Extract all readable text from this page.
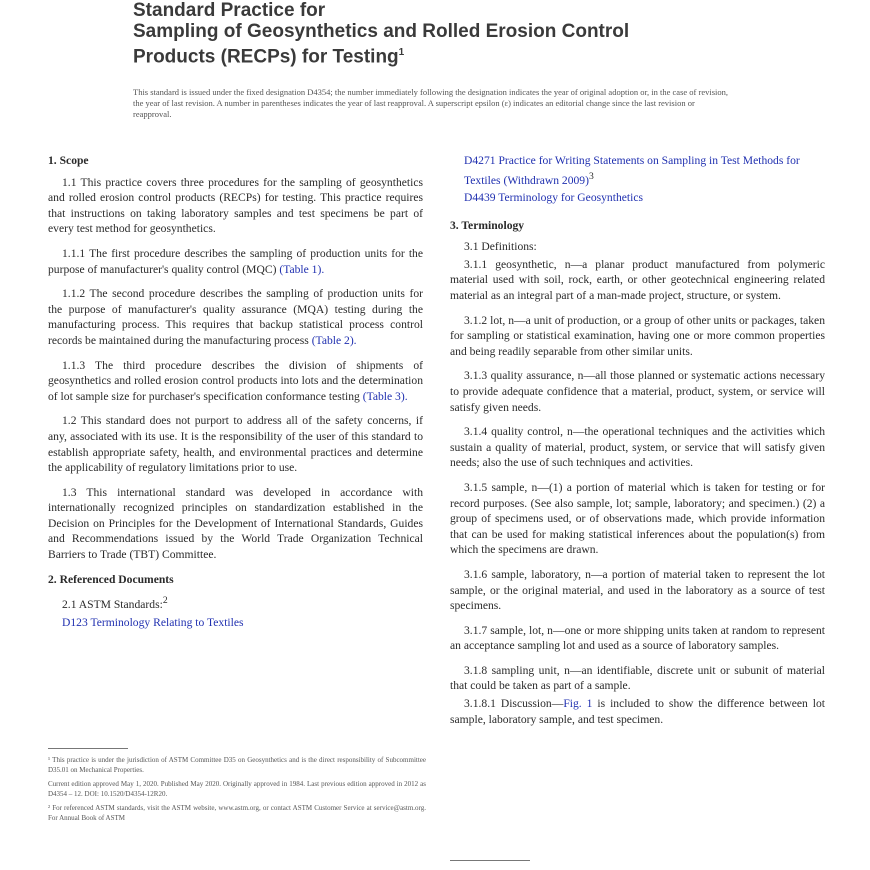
Standard Practice for
Sampling of Geosynthetics and Rolled Erosion Control
Products (RECPs) for Testing$^1$
This standard is issued under the fixed designation D4354; the number immediately following the designation indicates the year of original adoption or, in the case of revision, the year of last revision. A number in parentheses indicates the year of last reapproval. A superscript epsilon (ε) indicates an editorial change since the last revision or reapproval.
1. Scope

1.1 This practice covers three procedures for the sampling of geosynthetics and rolled erosion control products (RECPs) for testing. This practice requires that instructions on taking laboratory samples and test specimens be part of every test method for geosynthetics.

1.1.1 The first procedure describes the sampling of production units for the purpose of manufacturer's quality control (MQC) (Table 1).

1.1.2 The second procedure describes the sampling of production units for the purpose of manufacturer's quality assurance (MQA) testing during the manufacturing process. This requires that backup statistical process control records be maintained during the manufacturing process (Table 2).

1.1.3 The third procedure describes the division of shipments of geosynthetics and rolled erosion control products into lots and the determination of lot sample size for purchaser's specification conformance testing (Table 3).

1.2 This standard does not purport to address all of the safety concerns, if any, associated with its use. It is the responsibility of the user of this standard to establish appropriate safety, health, and environmental practices and determine the applicability of regulatory limitations prior to use.

1.3 This international standard was developed in accordance with internationally recognized principles on standardization established in the Decision on Principles for the Development of International Standards, Guides and Recommendations issued by the World Trade Organization Technical Barriers to Trade (TBT) Committee.

2. Referenced Documents
2.1 ASTM Standards:$^2$
D123 Terminology Relating to Textiles
D4271 Practice for Writing Statements on Sampling in Test Methods for Textiles (Withdrawn 2009)$^3$
D4439 Terminology for Geosynthetics
3. Terminology

3.1 Definitions:

3.1.1 geosynthetic, n—a planar product manufactured from polymeric material used with soil, rock, earth, or other geotechnical engineering related material as an integral part of a man-made project, structure, or system.

3.1.2 lot, n—a unit of production, or a group of other units or packages, taken for sampling or statistical examination, having one or more common properties and being readily separable from other similar units.

3.1.3 quality assurance, n—all those planned or systematic actions necessary to provide adequate confidence that a material, product, system, or service will satisfy given needs.

3.1.4 quality control, n—the operational techniques and the activities which sustain a quality of material, product, system, or service that will satisfy given needs; also the use of such techniques and activities.

3.1.5 sample, n—(1) a portion of material which is taken for testing or for record purposes. (See also sample, lot; sample, laboratory; and specimen.) (2) a group of specimens used, or of observations made, which provide information that can be used for making statistical inferences about the population(s) from which the specimens are drawn.

3.1.6 sample, laboratory, n—a portion of material taken to represent the lot sample, or the original material, and used in the laboratory as a source of test specimens.

3.1.7 sample, lot, n—one or more shipping units taken at random to represent an acceptance sampling lot and used as a source of laboratory samples.

3.1.8 sampling unit, n—an identifiable, discrete unit or subunit of material that could be taken as part of a sample.

3.1.8.1 Discussion—Fig. 1 is included to show the difference between lot sample, laboratory sample, and test specimen.

¹ This practice is under the jurisdiction of ASTM Committee D35 on Geosynthetics and is the direct responsibility of Subcommittee D35.01 on Mechanical Properties.

Current edition approved May 1, 2020. Published May 2020. Originally approved in 1984. Last previous edition approved in 2012 as D4354 – 12. DOI: 10.1520/D4354-12R20.

² For referenced ASTM standards, visit the ASTM website, www.astm.org, or contact ASTM Customer Service at service@astm.org. For Annual Book of ASTM
